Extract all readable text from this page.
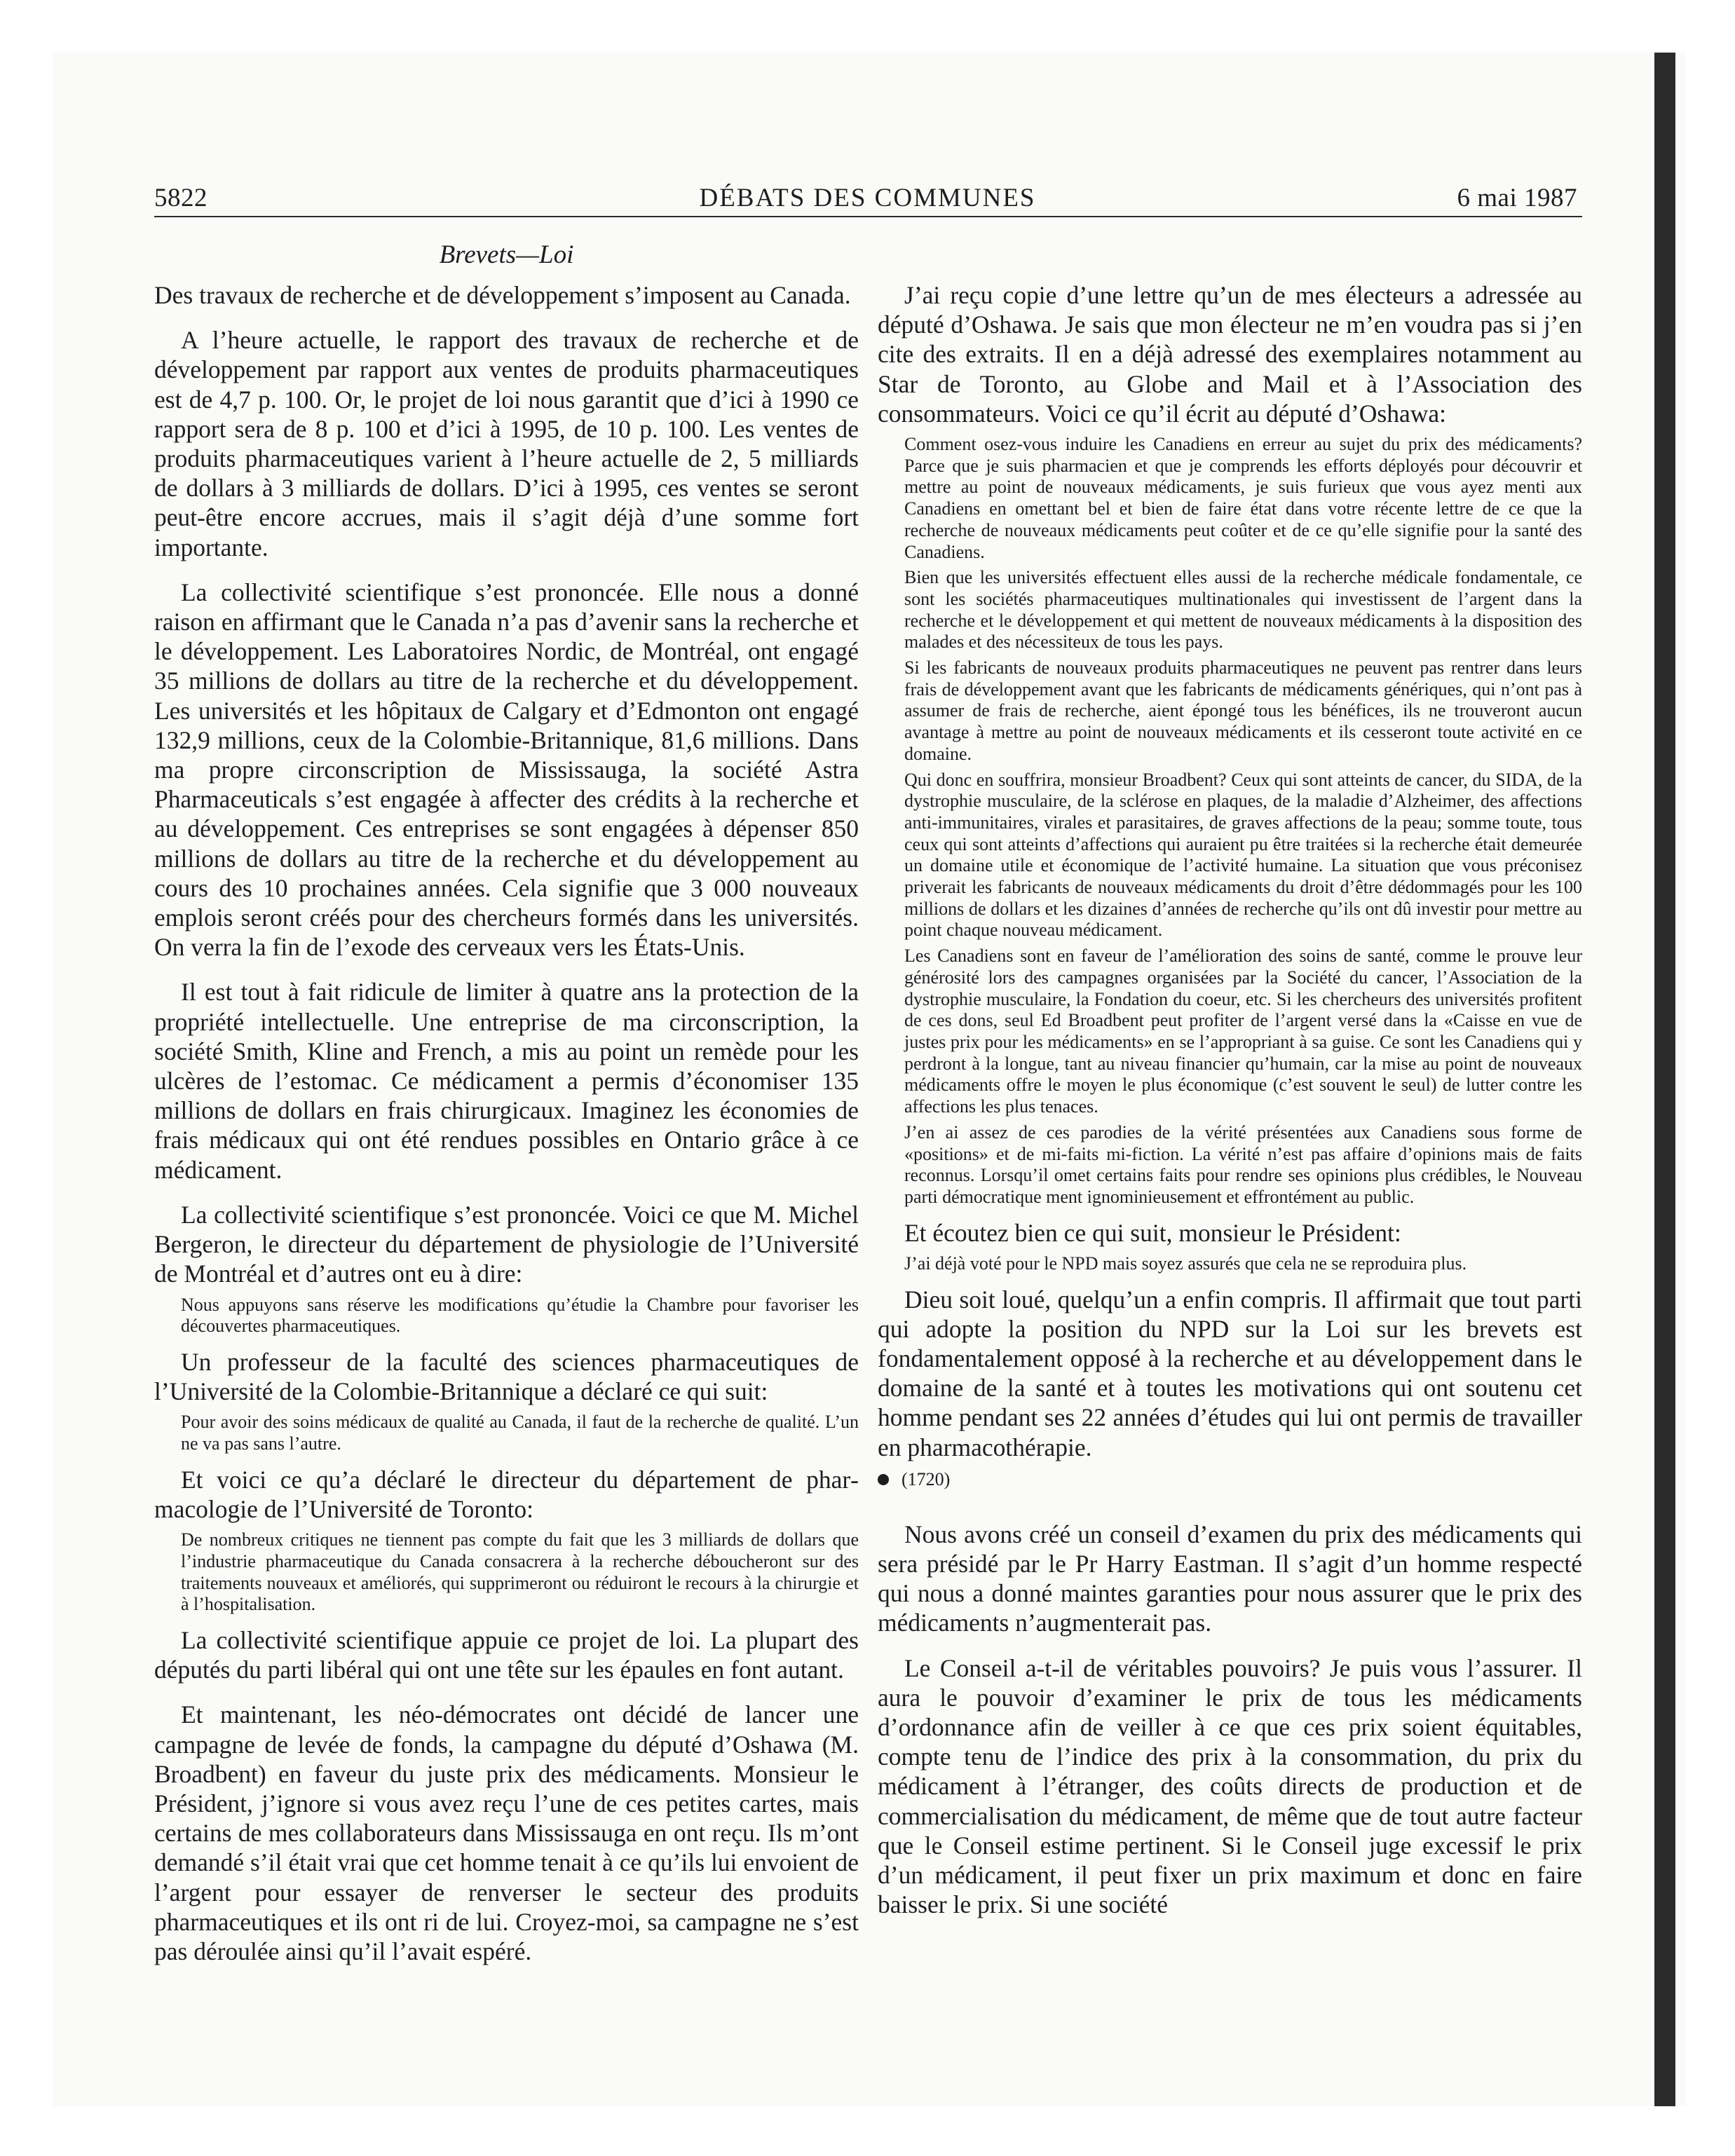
DÉBATS DES COMMUNES
5822	6 mai 1987
Brevets—Loi

Des travaux de recherche et de développement s’imposent au Canada.

A l’heure actuelle, le rapport des travaux de recherche et de développement par rapport aux ventes de produits pharmaceutiques est de 4,7 p. 100. Or, le projet de loi nous garantit que d’ici à 1990 ce rapport sera de 8 p. 100 et d’ici à 1995, de 10 p. 100. Les ventes de produits pharmaceutiques varient à l’heure actuelle de 2, 5 milliards de dollars à 3 milliards de dollars. D’ici à 1995, ces ventes se seront peut-être encore accrues, mais il s’agit déjà d’une somme fort importante.

La collectivité scientifique s’est prononcée. Elle nous a donné raison en affirmant que le Canada n’a pas d’avenir sans la recherche et le développement. Les Laboratoires Nordic, de Montréal, ont engagé 35 millions de dollars au titre de la recherche et du développement. Les universités et les hôpitaux de Calgary et d’Edmonton ont engagé 132,9 millions, ceux de la Colombie-Britannique, 81,6 millions. Dans ma propre circonscription de Mississauga, la société Astra Pharmaceuticals s’est engagée à affecter des crédits à la recherche et au développement. Ces entreprises se sont engagées à dépenser 850 millions de dollars au titre de la recherche et du développement au cours des 10 prochaines années. Cela signifie que 3 000 nouveaux emplois seront créés pour des chercheurs formés dans les universités. On verra la fin de l’exode des cerveaux vers les États-Unis.

Il est tout à fait ridicule de limiter à quatre ans la protection de la propriété intellectuelle. Une entreprise de ma circonscription, la société Smith, Kline and French, a mis au point un remède pour les ulcères de l’estomac. Ce médicament a permis d’économiser 135 millions de dollars en frais chirurgicaux. Imaginez les économies de frais médicaux qui ont été rendues possibles en Ontario grâce à ce médicament.

La collectivité scientifique s’est prononcée. Voici ce que M. Michel Bergeron, le directeur du département de physiologie de l’Université de Montréal et d’autres ont eu à dire:

Nous appuyons sans réserve les modifications qu’étudie la Chambre pour favoriser les découvertes pharmaceutiques.

Un professeur de la faculté des sciences pharmaceutiques de l’Université de la Colombie-Britannique a déclaré ce qui suit:

Pour avoir des soins médicaux de qualité au Canada, il faut de la recherche de qualité. L’un ne va pas sans l’autre.

Et voici ce qu’a déclaré le directeur du département de pharmacologie de l’Université de Toronto:

De nombreux critiques ne tiennent pas compte du fait que les 3 milliards de dollars que l’industrie pharmaceutique du Canada consacrera à la recherche déboucheront sur des traitements nouveaux et améliorés, qui supprimeront ou réduiront le recours à la chirurgie et à l’hospitalisation.

La collectivité scientifique appuie ce projet de loi. La plupart des députés du parti libéral qui ont une tête sur les épaules en font autant.

Et maintenant, les néo-démocrates ont décidé de lancer une campagne de levée de fonds, la campagne du député d’Oshawa (M. Broadbent) en faveur du juste prix des médicaments. Monsieur le Président, j’ignore si vous avez reçu l’une de ces petites cartes, mais certains de mes collaborateurs dans Mississauga en ont reçu. Ils m’ont demandé s’il était vrai que cet homme tenait à ce qu’ils lui envoient de l’argent pour essayer de renverser le secteur des produits pharmaceutiques et ils ont ri de lui. Croyez-moi, sa campagne ne s’est pas déroulée ainsi qu’il l’avait espéré.

J’ai reçu copie d’une lettre qu’un de mes électeurs a adressée au député d’Oshawa. Je sais que mon électeur ne m’en voudra pas si j’en cite des extraits. Il en a déjà adressé des exemplaires notamment au Star de Toronto, au Globe and Mail et à l’Association des consommateurs. Voici ce qu’il écrit au député d’Oshawa:

Comment osez-vous induire les Canadiens en erreur au sujet du prix des médicaments? Parce que je suis pharmacien et que je comprends les efforts déployés pour découvrir et mettre au point de nouveaux médicaments, je suis furieux que vous ayez menti aux Canadiens en omettant bel et bien de faire état dans votre récente lettre de ce que la recherche de nouveaux médicaments peut coûter et de ce qu’elle signifie pour la santé des Canadiens.

Bien que les universités effectuent elles aussi de la recherche médicale fondamentale, ce sont les sociétés pharmaceutiques multinationales qui investissent de l’argent dans la recherche et le développement et qui mettent de nouveaux médicaments à la disposition des malades et des nécessiteux de tous les pays.

Si les fabricants de nouveaux produits pharmaceutiques ne peuvent pas rentrer dans leurs frais de développement avant que les fabricants de médicaments génériques, qui n’ont pas à assumer de frais de recherche, aient épongé tous les bénéfices, ils ne trouveront aucun avantage à mettre au point de nouveaux médicaments et ils cesseront toute activité en ce domaine.

Qui donc en souffrira, monsieur Broadbent? Ceux qui sont atteints de cancer, du SIDA, de la dystrophie musculaire, de la sclérose en plaques, de la maladie d’Alzheimer, des affections anti-immunitaires, virales et parasitaires, de graves affections de la peau; somme toute, tous ceux qui sont atteints d’affections qui auraient pu être traitées si la recherche était demeurée un domaine utile et économique de l’activité humaine. La situation que vous préconisez priverait les fabricants de nouveaux médicaments du droit d’être dédommagés pour les 100 millions de dollars et les dizaines d’années de recherche qu’ils ont dû investir pour mettre au point chaque nouveau médicament.

Les Canadiens sont en faveur de l’amélioration des soins de santé, comme le prouve leur générosité lors des campagnes organisées par la Société du cancer, l’Association de la dystrophie musculaire, la Fondation du coeur, etc. Si les chercheurs des universités profitent de ces dons, seul Ed Broadbent peut profiter de l’argent versé dans la «Caisse en vue de justes prix pour les médicaments» en se l’appropriant à sa guise. Ce sont les Canadiens qui y perdront à la longue, tant au niveau financier qu’humain, car la mise au point de nouveaux médicaments offre le moyen le plus économique (c’est souvent le seul) de lutter contre les affections les plus tenaces.

J’en ai assez de ces parodies de la vérité présentées aux Canadiens sous forme de «positions» et de mi-faits mi-fiction. La vérité n’est pas affaire d’opinions mais de faits reconnus. Lorsqu’il omet certains faits pour rendre ses opinions plus crédibles, le Nouveau parti démocratique ment ignominieusement et effrontément au public.

Et écoutez bien ce qui suit, monsieur le Président:

J’ai déjà voté pour le NPD mais soyez assurés que cela ne se reproduira plus.

Dieu soit loué, quelqu’un a enfin compris. Il affirmait que tout parti qui adopte la position du NPD sur la Loi sur les brevets est fondamentalement opposé à la recherche et au développement dans le domaine de la santé et à toutes les motivations qui ont soutenu cet homme pendant ses 22 années d’études qui lui ont permis de travailler en pharmacothérapie.

(1720)

Nous avons créé un conseil d’examen du prix des médicaments qui sera présidé par le Pr Harry Eastman. Il s’agit d’un homme respecté qui nous a donné maintes garanties pour nous assurer que le prix des médicaments n’augmenterait pas.

Le Conseil a-t-il de véritables pouvoirs? Je puis vous l’assurer. Il aura le pouvoir d’examiner le prix de tous les médicaments d’ordonnance afin de veiller à ce que ces prix soient équitables, compte tenu de l’indice des prix à la consommation, du prix du médicament à l’étranger, des coûts directs de production et de commercialisation du médicament, de même que de tout autre facteur que le Conseil estime pertinent. Si le Conseil juge excessif le prix d’un médicament, il peut fixer un prix maximum et donc en faire baisser le prix. Si une société
